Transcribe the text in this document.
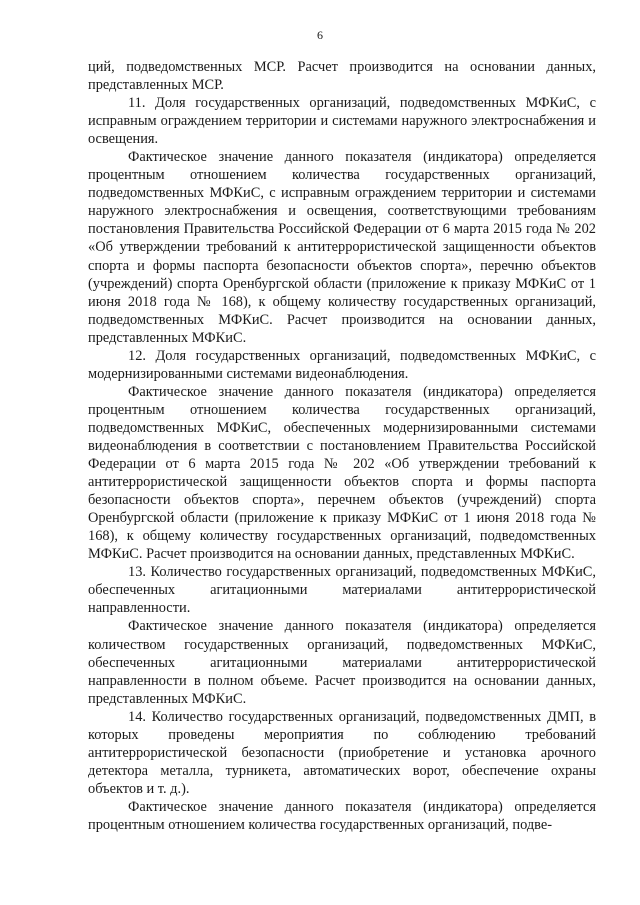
6

ций, подведомственных МСР. Расчет производится на основании данных, представленных МСР.

11. Доля государственных организаций, подведомственных МФКиС, с исправным ограждением территории и системами наружного электроснабжения и освещения.

Фактическое значение данного показателя (индикатора) определяется процентным отношением количества государственных организаций, подведомственных МФКиС, с исправным ограждением территории и системами наружного электроснабжения и освещения, соответствующими требованиям постановления Правительства Российской Федерации от 6 марта 2015 года № 202 «Об утверждении требований к антитеррористической защищенности объектов спорта и формы паспорта безопасности объектов спорта», перечню объектов (учреждений) спорта Оренбургской области (приложение к приказу МФКиС от 1 июня 2018 года № 168), к общему количеству государственных организаций, подведомственных МФКиС. Расчет производится на основании данных, представленных МФКиС.

12. Доля государственных организаций, подведомственных МФКиС, с модернизированными системами видеонаблюдения.

Фактическое значение данного показателя (индикатора) определяется процентным отношением количества государственных организаций, подведомственных МФКиС, обеспеченных модернизированными системами видеонаблюдения в соответствии с постановлением Правительства Российской Федерации от 6 марта 2015 года № 202 «Об утверждении требований к антитеррористической защищенности объектов спорта и формы паспорта безопасности объектов спорта», перечнем объектов (учреждений) спорта Оренбургской области (приложение к приказу МФКиС от 1 июня 2018 года № 168), к общему количеству государственных организаций, подведомственных МФКиС. Расчет производится на основании данных, представленных МФКиС.

13. Количество государственных организаций, подведомственных МФКиС, обеспеченных агитационными материалами антитеррористической направленности.

Фактическое значение данного показателя (индикатора) определяется количеством государственных организаций, подведомственных МФКиС, обеспеченных агитационными материалами антитеррористической направленности в полном объеме. Расчет производится на основании данных, представленных МФКиС.

14. Количество государственных организаций, подведомственных ДМП, в которых проведены мероприятия по соблюдению требований антитеррористической безопасности (приобретение и установка арочного детектора металла, турникета, автоматических ворот, обеспечение охраны объектов и т. д.).

Фактическое значение данного показателя (индикатора) определяется процентным отношением количества государственных организаций, подве-
